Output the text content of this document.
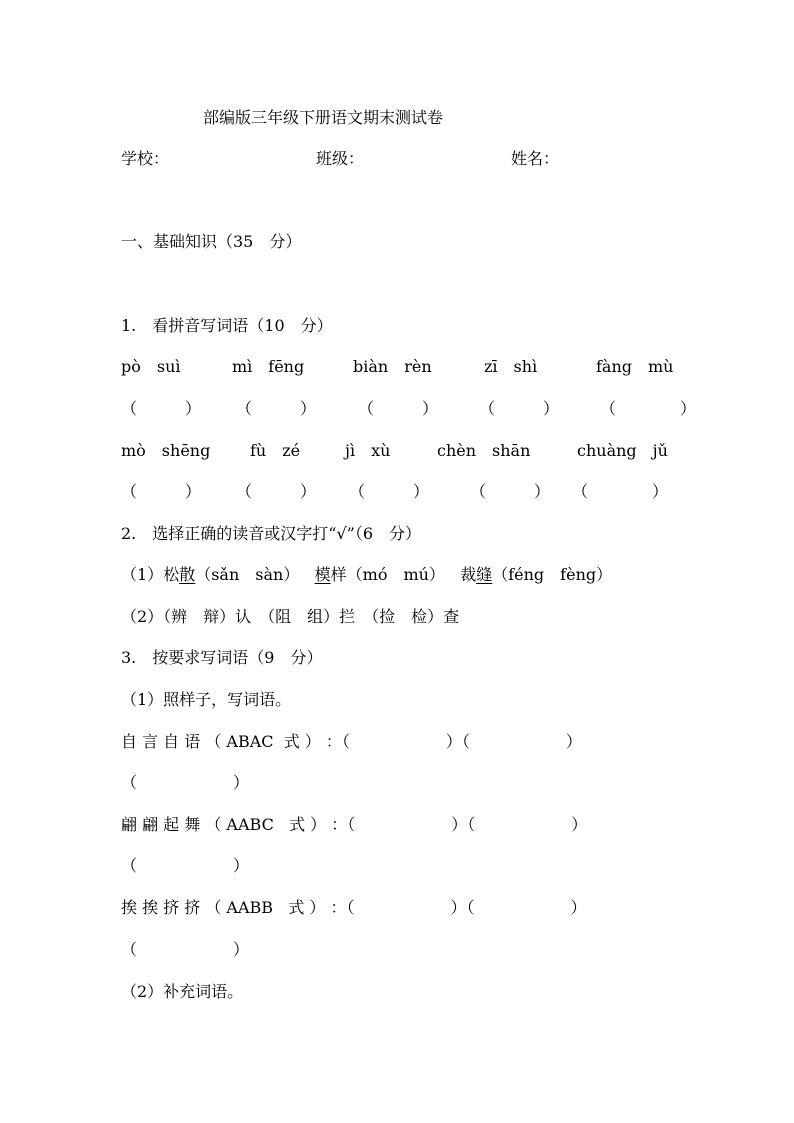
部编版三年级下册语文期末测试卷
学校：	班级：	姓名：
一、基础知识（35　分）
1.　看拼音写词语（10　分）
pò　suì	mì　fēng	biàn　rèn	zī　shì	fàng　mù
（　　　） （　　　）	（　　　）	（　　　）	（　　　　）
mò　shēng fù　zé	jì　xù	chèn　shān	chuàng　jǔ
（　　　） （　　　） （　　　）	（　　　） （　　　　）
2.　选择正确的读音或汉字打“√”（6　分）
（1）松散（sǎn　sàn） 模样（mó　mú） 裁缝（féng　fèng）
（2）（辨　辩）认　（阻　组）拦　（捡　检）查
3.　按要求写词语（9　分）
（1）照样子，写词语。
自 言 自 语 （ ABAC  式 ） ：（　　　　　　）（　　　　　　）
（　　　　　　）
翩 翩 起 舞 （ AABC   式 ） ：（　　　　　　）（　　　　　　）
（　　　　　　）
挨 挨 挤 挤 （ AABB   式 ） ：（　　　　　　）（　　　　　　）
（　　　　　　）
（2）补充词语。
